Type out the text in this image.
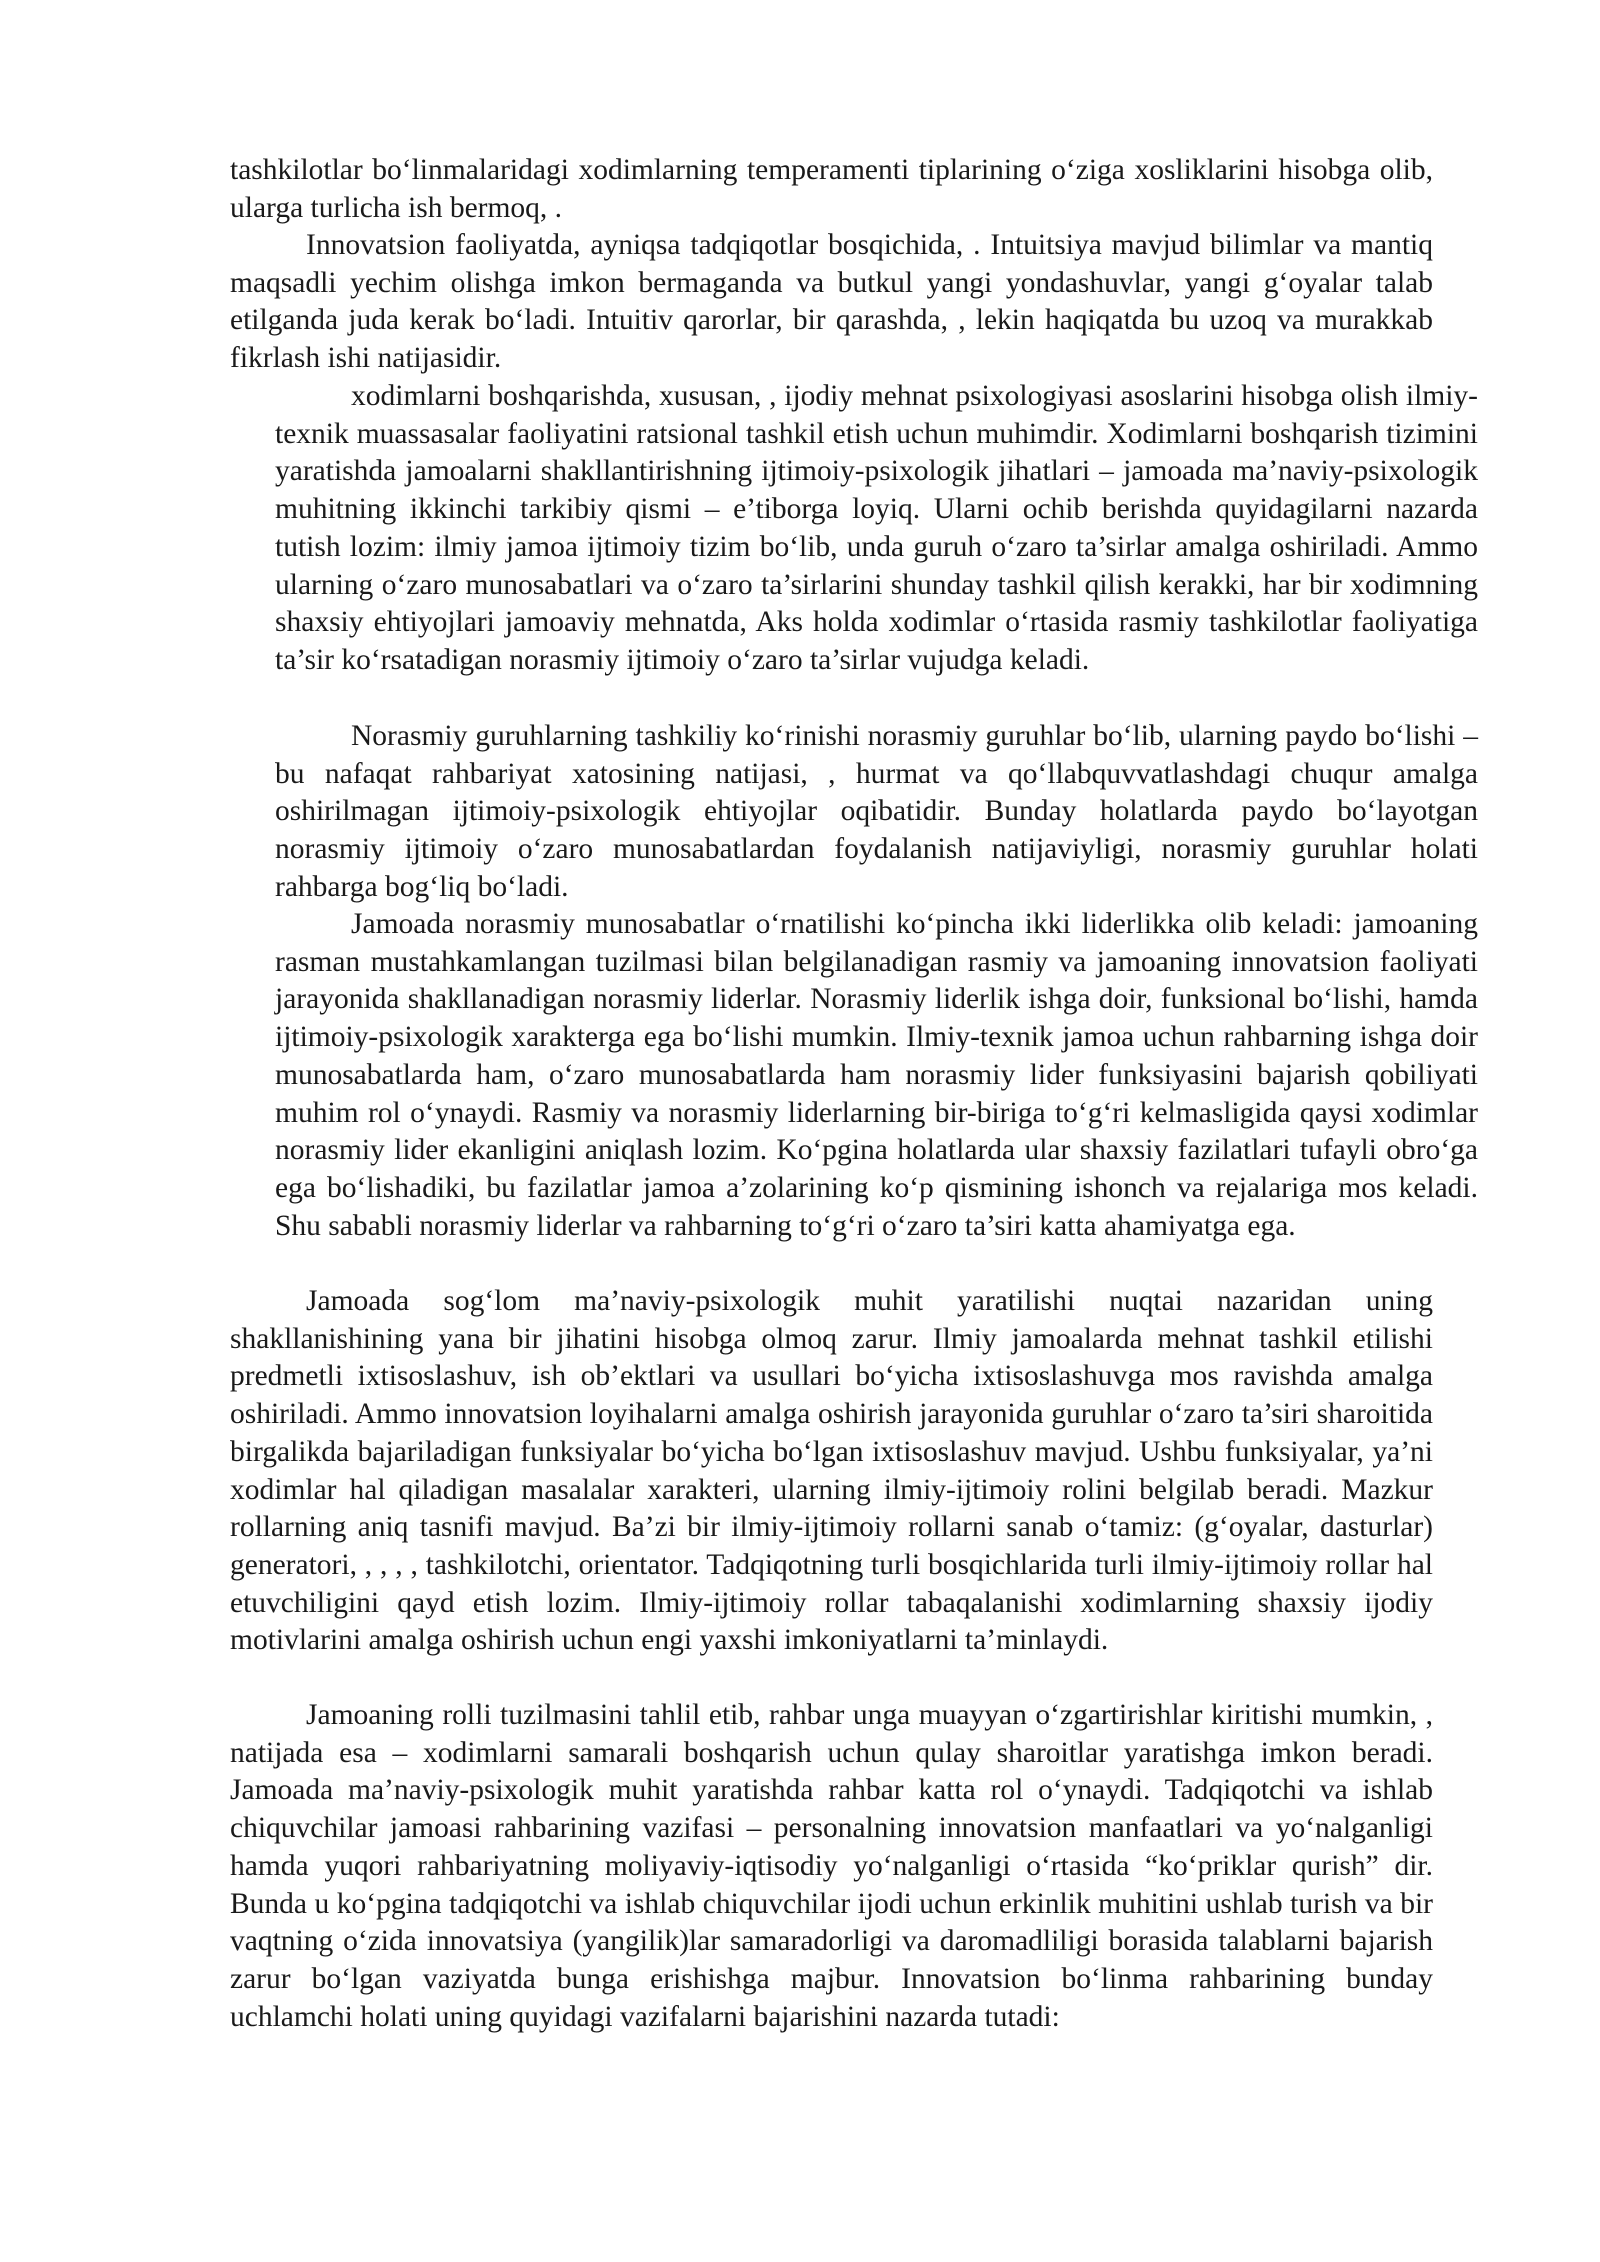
tashkilotlar bo‘linmalaridagi xodimlarning temperamenti tiplarining o‘ziga xosliklarini hisobga olib, ularga turlicha ish bermoq, .

Innovatsion faoliyatda, ayniqsa tadqiqotlar bosqichida, . Intuitsiya mavjud bilimlar va mantiq maqsadli yechim olishga imkon bermaganda va butkul yangi yondashuvlar, yangi g‘oyalar talab etilganda juda kerak bo‘ladi. Intuitiv qarorlar, bir qarashda, , lekin haqiqatda bu uzoq va murakkab fikrlash ishi natijasidir.

xodimlarni boshqarishda, xususan, , ijodiy mehnat psixologiyasi asoslarini hisobga olish ilmiy-texnik muassasalar faoliyatini ratsional tashkil etish uchun muhimdir. Xodimlarni boshqarish tizimini yaratishda jamoalarni shakllantirishning ijtimoiy-psixologik jihatlari – jamoada ma’naviy-psixologik muhitning ikkinchi tarkibiy qismi – e’tiborga loyiq. Ularni ochib berishda quyidagilarni nazarda tutish lozim: ilmiy jamoa ijtimoiy tizim bo‘lib, unda guruh o‘zaro ta’sirlar amalga oshiriladi. Ammo ularning o‘zaro munosabatlari va o‘zaro ta’sirlarini shunday tashkil qilish kerakki, har bir xodimning shaxsiy ehtiyojlari jamoaviy mehnatda, Aks holda xodimlar o‘rtasida rasmiy tashkilotlar faoliyatiga ta’sir ko‘rsatadigan norasmiy ijtimoiy o‘zaro ta’sirlar vujudga keladi.

Norasmiy guruhlarning tashkiliy ko‘rinishi norasmiy guruhlar bo‘lib, ularning paydo bo‘lishi – bu nafaqat rahbariyat xatosining natijasi, , hurmat va qo‘llabquvvatlashdagi chuqur amalga oshirilmagan ijtimoiy-psixologik ehtiyojlar oqibatidir. Bunday holatlarda paydo bo‘layotgan norasmiy ijtimoiy o‘zaro munosabatlardan foydalanish natijaviyligi, norasmiy guruhlar holati rahbarga bog‘liq bo‘ladi.

Jamoada norasmiy munosabatlar o‘rnatilishi ko‘pincha ikki liderlikka olib keladi: jamoaning rasman mustahkamlangan tuzilmasi bilan belgilanadigan rasmiy va jamoaning innovatsion faoliyati jarayonida shakllanadigan norasmiy liderlar. Norasmiy liderlik ishga doir, funksional bo‘lishi, hamda ijtimoiy-psixologik xarakterga ega bo‘lishi mumkin. Ilmiy-texnik jamoa uchun rahbarning ishga doir munosabatlarda ham, o‘zaro munosabatlarda ham norasmiy lider funksiyasini bajarish qobiliyati muhim rol o‘ynaydi. Rasmiy va norasmiy liderlarning bir-biriga to‘g‘ri kelmasligida qaysi xodimlar norasmiy lider ekanligini aniqlash lozim. Ko‘pgina holatlarda ular shaxsiy fazilatlari tufayli obro‘ga ega bo‘lishadiki, bu fazilatlar jamoa a’zolarining ko‘p qismining ishonch va rejalariga mos keladi. Shu sababli norasmiy liderlar va rahbarning to‘g‘ri o‘zaro ta’siri katta ahamiyatga ega.

Jamoada sog‘lom ma’naviy-psixologik muhit yaratilishi nuqtai nazaridan uning shakllanishining yana bir jihatini hisobga olmoq zarur. Ilmiy jamoalarda mehnat tashkil etilishi predmetli ixtisoslashuv, ish ob’ektlari va usullari bo‘yicha ixtisoslashuvga mos ravishda amalga oshiriladi. Ammo innovatsion loyihalarni amalga oshirish jarayonida guruhlar o‘zaro ta’siri sharoitida birgalikda bajariladigan funksiyalar bo‘yicha bo‘lgan ixtisoslashuv mavjud. Ushbu funksiyalar, ya’ni xodimlar hal qiladigan masalalar xarakteri, ularning ilmiy-ijtimoiy rolini belgilab beradi. Mazkur rollarning aniq tasnifi mavjud. Ba’zi bir ilmiy-ijtimoiy rollarni sanab o‘tamiz: (g‘oyalar, dasturlar) generatori, , , , , tashkilotchi, orientator. Tadqiqotning turli bosqichlarida turli ilmiy-ijtimoiy rollar hal etuvchiligini qayd etish lozim. Ilmiy-ijtimoiy rollar tabaqalanishi xodimlarning shaxsiy ijodiy motivlarini amalga oshirish uchun engi yaxshi imkoniyatlarni ta’minlaydi.

Jamoaning rolli tuzilmasini tahlil etib, rahbar unga muayyan o‘zgartirishlar kiritishi mumkin, , natijada esa – xodimlarni samarali boshqarish uchun qulay sharoitlar yaratishga imkon beradi. Jamoada ma’naviy-psixologik muhit yaratishda rahbar katta rol o‘ynaydi. Tadqiqotchi va ishlab chiquvchilar jamoasi rahbarining vazifasi – personalning innovatsion manfaatlari va yo‘nalganligi hamda yuqori rahbariyatning moliyaviy-iqtisodiy yo‘nalganligi o‘rtasida “ko‘priklar qurish” dir. Bunda u ko‘pgina tadqiqotchi va ishlab chiquvchilar ijodi uchun erkinlik muhitini ushlab turish va bir vaqtning o‘zida innovatsiya (yangilik)lar samaradorligi va daromadliligi borasida talablarni bajarish zarur bo‘lgan vaziyatda bunga erishishga majbur. Innovatsion bo‘linma rahbarining bunday uchlamchi holati uning quyidagi vazifalarni bajarishini nazarda tutadi:
